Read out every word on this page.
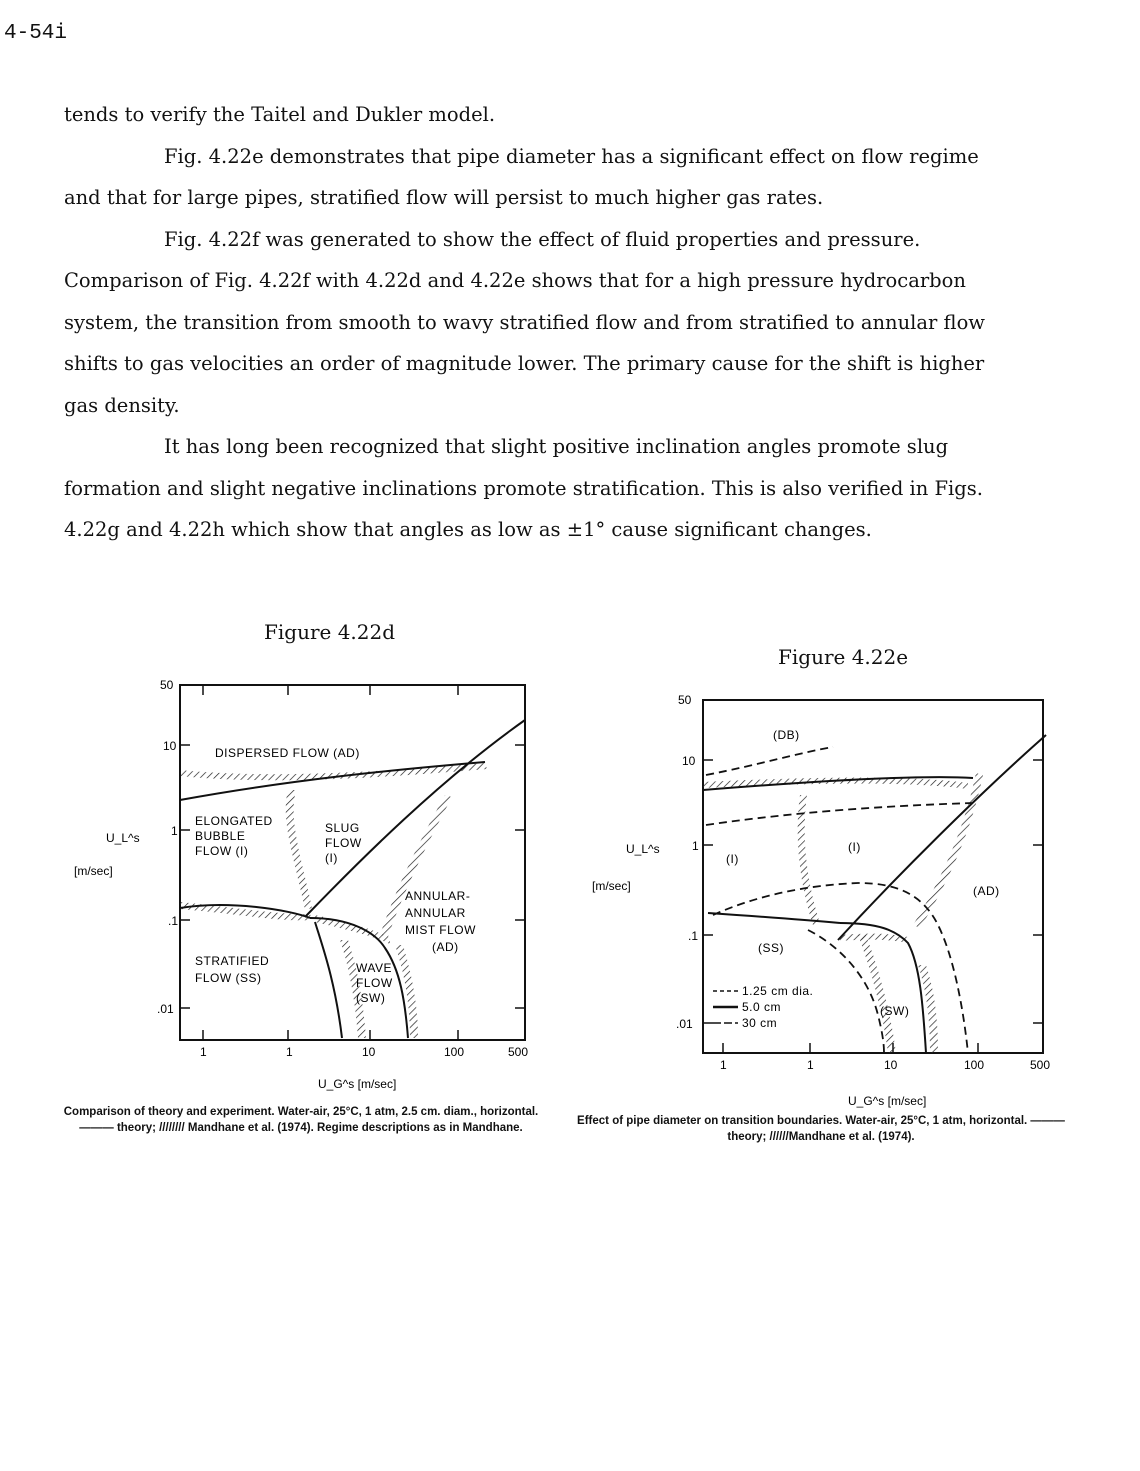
4-54i

tends to verify the Taitel and Dukler model.

Fig. 4.22e demonstrates that pipe diameter has a significant effect on flow regime and that for large pipes, stratified flow will persist to much higher gas rates.

Fig. 4.22f was generated to show the effect of fluid properties and pressure. Comparison of Fig. 4.22f with 4.22d and 4.22e shows that for a high pressure hydrocarbon system, the transition from smooth to wavy stratified flow and from stratified to annular flow shifts to gas velocities an order of magnitude lower. The primary cause for the shift is higher gas density.

It has long been recognized that slight positive inclination angles promote slug formation and slight negative inclinations promote stratification. This is also verified in Figs. 4.22g and 4.22h which show that angles as low as ±1° cause significant changes.

Figure 4.22d
Figure 4.22e
50
10
1
.1
.01
1	1	10	100	500
U_L^s
[m/sec]
U_G^s [m/sec]
DISPERSED FLOW (AD)
ELONGATED
BUBBLE
FLOW (I)
SLUG
FLOW
(I)
ANNULAR-
ANNULAR
MIST FLOW
(AD)
STRATIFIED
FLOW (SS)
WAVE
FLOW
(SW)
Comparison of theory and experiment. Water-air, 25°C, 1 atm, 2.5 cm. diam., horizontal. ——— theory; //////// Mandhane et al. (1974). Regime descriptions as in Mandhane.
50
10
1
.1
.01
1	1	10	100	500
U_L^s
[m/sec]
U_G^s [m/sec]
(DB)
(I)
(I)
(AD)
(SS)
(SW)
1.25 cm dia.
5.0 cm
30 cm
Effect of pipe diameter on transition boundaries. Water-air, 25°C, 1 atm, horizontal. ——— theory; //////Mandhane et al. (1974).
